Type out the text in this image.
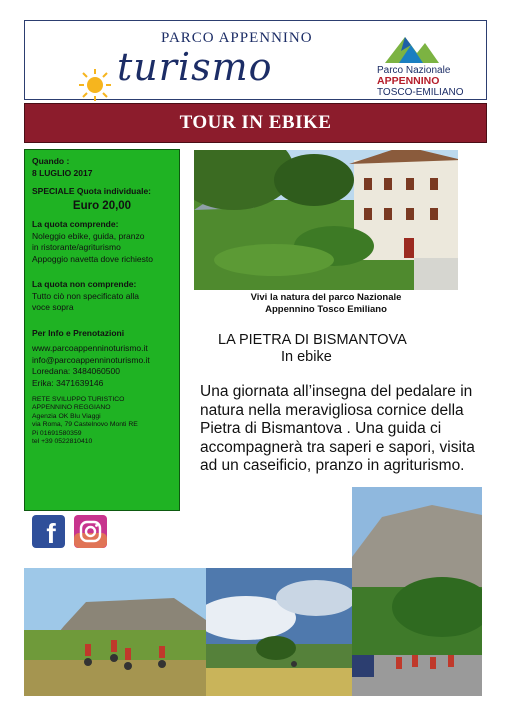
PARCO APPENNINO
turismo	Parco Nazionale
APPENNINO
TOSCO-EMILIANO
TOUR IN EBIKE
Quando :
8 LUGLIO 2017
SPECIALE Quota individuale:
Euro 20,00
La quota comprende:
Noleggio ebike, guida, pranzo
in ristorante/agriturismo
Appoggio navetta dove richiesto
La quota non comprende:
Tutto ciò non specificato alla
voce sopra
Per Info e Prenotazioni
www.parcoappenninoturismo.it
info@parcoappenninoturismo.it
Loredana: 3484060500
Erika: 3471639146
RETE SVILUPPO TURISTICO
APPENNINO REGGIANO
Agenzia OK Blu Viaggi
via Roma, 79 Castelnovo Monti RE
Pi 01691580359
tel +39 0522810410
Vivi la natura del parco Nazionale
Appennino Tosco Emiliano
LA PIETRA DI BISMANTOVA
In ebike
Una giornata all’insegna del pedalare in natura nella meravigliosa cornice della Pietra di Bismantova . Una guida ci accompagnerà tra saperi e sapori, visita ad un caseificio, pranzo in agriturismo.
f
